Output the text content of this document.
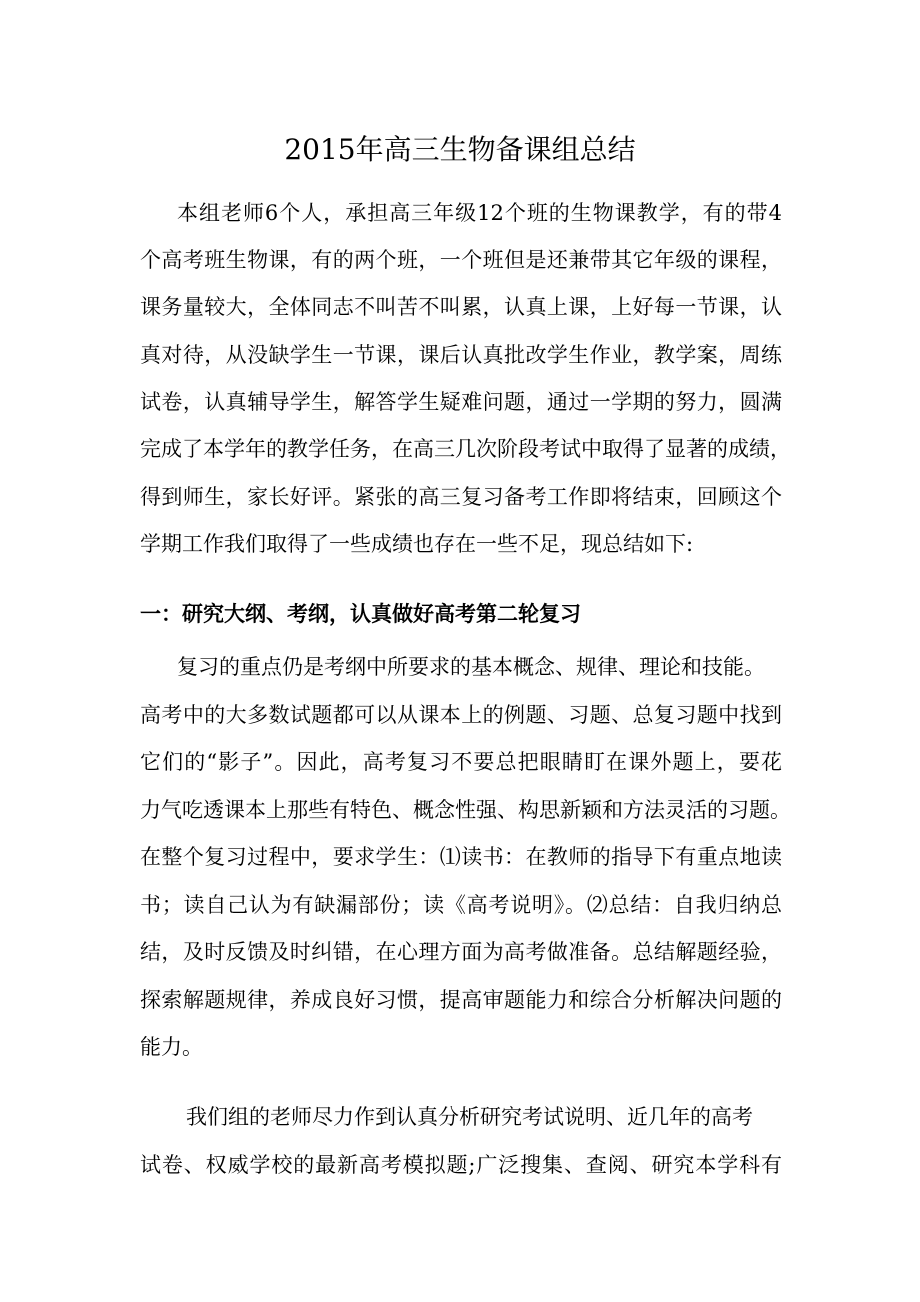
2015年高三生物备课组总结
本组老师6个人，承担高三年级12个班的生物课教学，有的带4
个高考班生物课，有的两个班，一个班但是还兼带其它年级的课程，
课务量较大，全体同志不叫苦不叫累，认真上课，上好每一节课，认
真对待，从没缺学生一节课，课后认真批改学生作业，教学案，周练
试卷，认真辅导学生，解答学生疑难问题，通过一学期的努力，圆满
完成了本学年的教学任务，在高三几次阶段考试中取得了显著的成绩，
得到师生，家长好评。紧张的高三复习备考工作即将结束，回顾这个
学期工作我们取得了一些成绩也存在一些不足，现总结如下:
一：研究大纲、考纲，认真做好高考第二轮复习
复习的重点仍是考纲中所要求的基本概念、规律、理论和技能。
高考中的大多数试题都可以从课本上的例题、习题、总复习题中找到
它们的“影子”。因此，高考复习不要总把眼睛盯在课外题上，要花
力气吃透课本上那些有特色、概念性强、构思新颖和方法灵活的习题。
在整个复习过程中，要求学生：⑴读书：在教师的指导下有重点地读
书；读自己认为有缺漏部份；读《高考说明》。⑵总结：自我归纳总
结，及时反馈及时纠错，在心理方面为高考做准备。总结解题经验，
探索解题规律，养成良好习惯，提高审题能力和综合分析解决问题的
能力。
我们组的老师尽力作到认真分析研究考试说明、近几年的高考
试卷、权威学校的最新高考模拟题;广泛搜集、查阅、研究本学科有
